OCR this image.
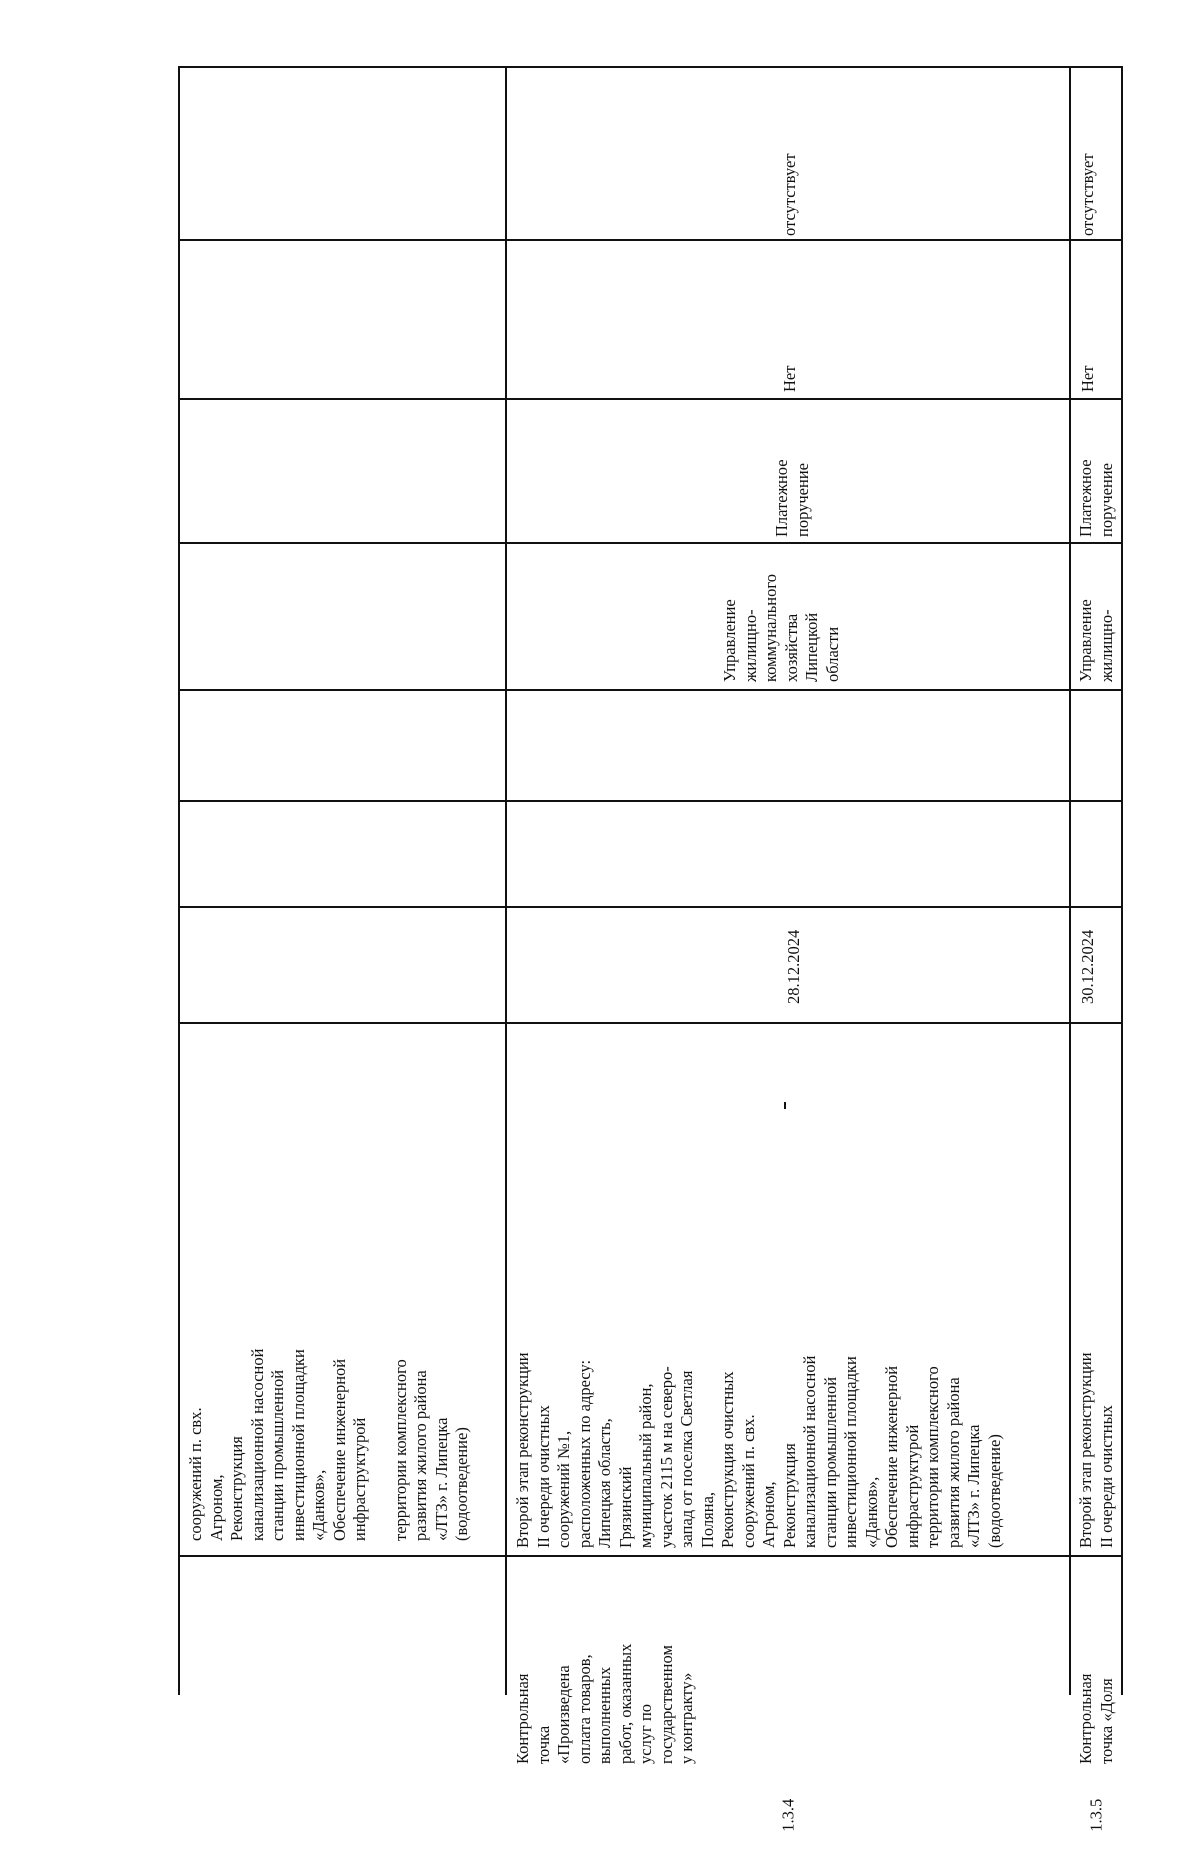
сооружений п. свх. Агроном, Реконструкция канализационной насосной станции промышленной инвестиционной площадки «Данков», Обеспечение инженерной инфраструктурой территории комплексного развития жилого района «ЛТЗ» г. Липецка (водоотведение)
1.3.4
Контрольная точка «Произведена оплата товаров, выполненных работ, оказанных услуг по государственном у контракту»
Второй этап реконструкции II очереди очистных сооружений №1, расположенных по адресу: Липецкая область, Грязинский муниципальный район, участок 2115 м на северо- запад от поселка Светлая Поляна, Реконструкция очистных сооружений п. свх. Агроном, Реконструкция канализационной насосной станции промышленной инвестиционной площадки «Данков», Обеспечение инженерной инфраструктурой территории комплексного развития жилого района «ЛТЗ» г. Липецка (водоотведение)
28.12.2024
Управление жилищно- коммунального хозяйства Липецкой области
Платежное поручение
Нет
отсутствует
1.3.5
Контрольная точка «Доля
Второй этап реконструкции II очереди очистных
30.12.2024
Управление жилищно-
Платежное поручение
Нет
отсутствует
